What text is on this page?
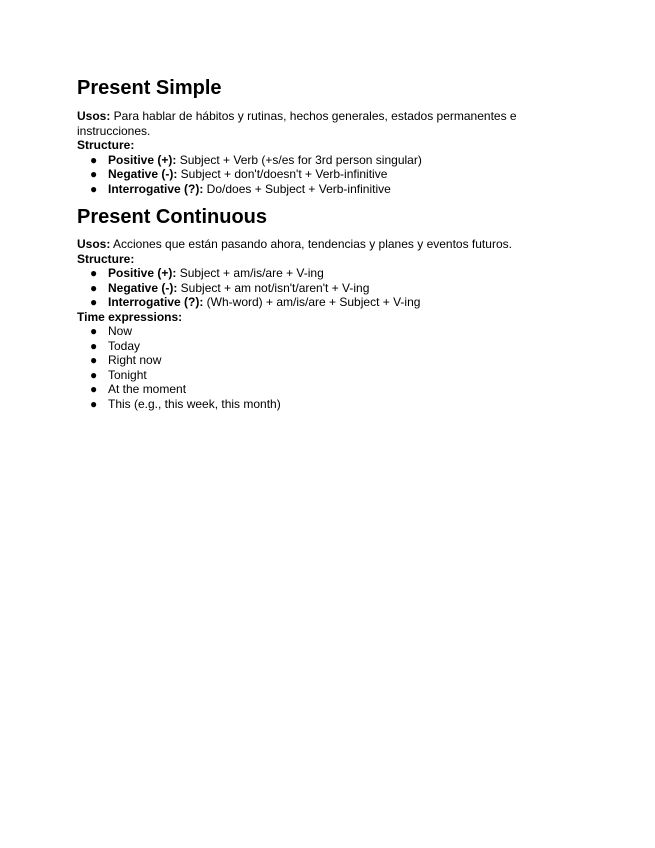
Present Simple

Usos: Para hablar de hábitos y rutinas, hechos generales, estados permanentes e instrucciones.

Structure:

● Positive (+): Subject + Verb (+s/es for 3rd person singular)
● Negative (-): Subject + don't/doesn't + Verb-infinitive
● Interrogative (?): Do/does + Subject + Verb-infinitive
Present Continuous

Usos: Acciones que están pasando ahora, tendencias y planes y eventos futuros.

Structure:

● Positive (+): Subject + am/is/are + V-ing
● Negative (-): Subject + am not/isn't/aren't + V-ing
● Interrogative (?): (Wh-word) + am/is/are + Subject + V-ing

Time expressions:

● Now
● Today
● Right now
● Tonight
● At the moment
● This (e.g., this week, this month)
